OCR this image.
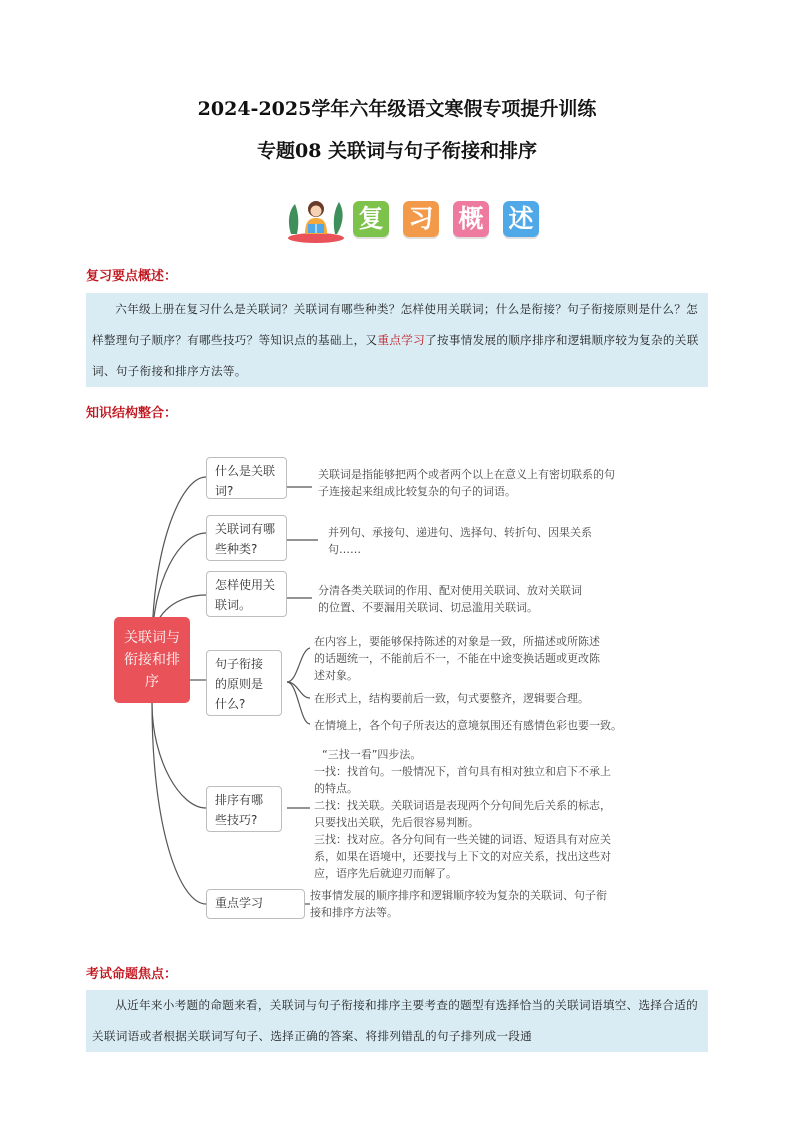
2024-2025学年六年级语文寒假专项提升训练
专题08 关联词与句子衔接和排序
复 习 概 述
复习要点概述：

六年级上册在复习什么是关联词？关联词有哪些种类？怎样使用关联词；什么是衔接？句子衔接原则是什么？怎样整理句子顺序？有哪些技巧？等知识点的基础上，又重点学习了按事情发展的顺序排序和逻辑顺序较为复杂的关联词、句子衔接和排序方法等。

知识结构整合：
关联词与衔接和排序
什么是关联词?
关联词是指能够把两个或者两个以上在意义上有密切联系的句子连接起来组成比较复杂的句子的词语。
关联词有哪些种类?
并列句、承接句、递进句、选择句、转折句、因果关系句……
怎样使用关联词。
分清各类关联词的作用、配对使用关联词、放对关联词的位置、不要漏用关联词、切忌滥用关联词。
句子衔接的原则是什么?
在内容上，要能够保持陈述的对象是一致，所描述或所陈述的话题统一，不能前后不一，不能在中途变换话题或更改陈述对象。
在形式上，结构要前后一致，句式要整齐，逻辑要合理。
在情境上，各个句子所表达的意境氛围还有感情色彩也要一致。
排序有哪些技巧?
“三找一看”四步法。
一找：找首句。一般情况下，首句具有相对独立和启下不承上的特点。
二找：找关联。关联词语是表现两个分句间先后关系的标志，只要找出关联，先后很容易判断。
三找：找对应。各分句间有一些关键的词语、短语具有对应关系，如果在语境中，还要找与上下文的对应关系，找出这些对应，语序先后就迎刃而解了。
重点学习
按事情发展的顺序排序和逻辑顺序较为复杂的关联词、句子衔接和排序方法等。
考试命题焦点：

从近年来小考题的命题来看，关联词与句子衔接和排序主要考查的题型有选择恰当的关联词语填空、选择合适的关联词语或者根据关联词写句子、选择正确的答案、将排列错乱的句子排列成一段通
